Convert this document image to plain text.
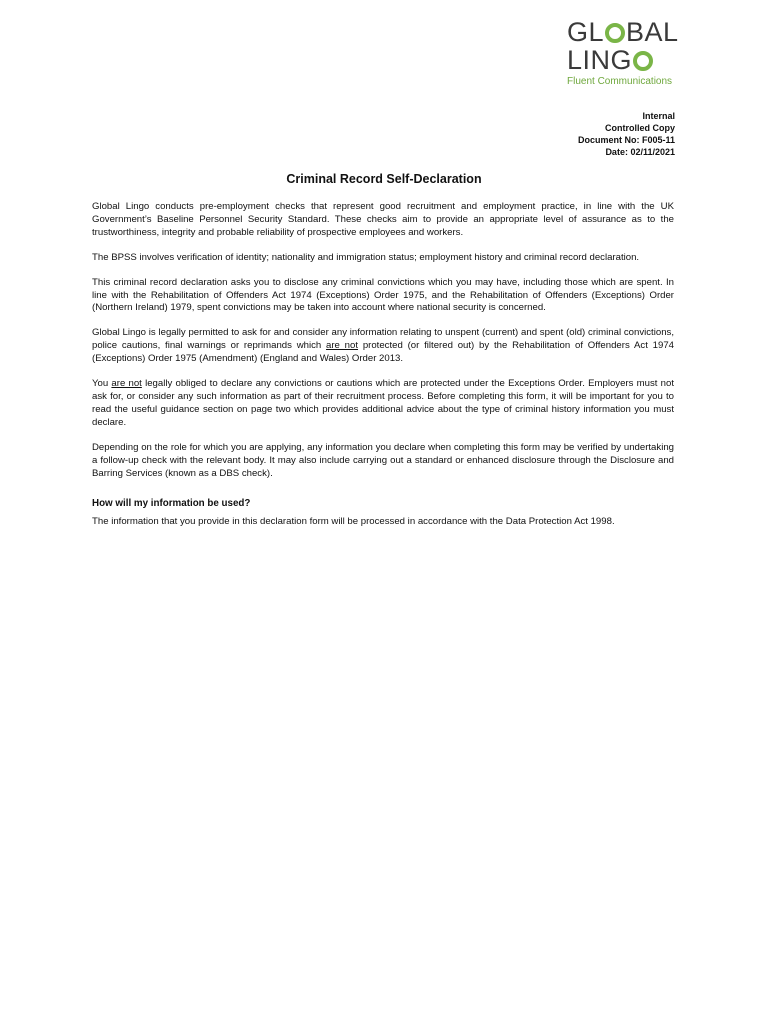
GL BAL
LING
Fluent Communications
Internal
Controlled Copy
Document No: F005-11
Date: 02/11/2021
Criminal Record Self-Declaration

Global Lingo conducts pre-employment checks that represent good recruitment and employment practice, in line with the UK Government’s Baseline Personnel Security Standard. These checks aim to provide an appropriate level of assurance as to the trustworthiness, integrity and probable reliability of prospective employees and workers.

The BPSS involves verification of identity; nationality and immigration status; employment history and criminal record declaration.

This criminal record declaration asks you to disclose any criminal convictions which you may have, including those which are spent. In line with the Rehabilitation of Offenders Act 1974 (Exceptions) Order 1975, and the Rehabilitation of Offenders (Exceptions) Order (Northern Ireland) 1979, spent convictions may be taken into account where national security is concerned.

Global Lingo is legally permitted to ask for and consider any information relating to unspent (current) and spent (old) criminal convictions, police cautions, final warnings or reprimands which are not protected (or filtered out) by the Rehabilitation of Offenders Act 1974 (Exceptions) Order 1975 (Amendment) (England and Wales) Order 2013.

You are not legally obliged to declare any convictions or cautions which are protected under the Exceptions Order. Employers must not ask for, or consider any such information as part of their recruitment process. Before completing this form, it will be important for you to read the useful guidance section on page two which provides additional advice about the type of criminal history information you must declare.

Depending on the role for which you are applying, any information you declare when completing this form may be verified by undertaking a follow-up check with the relevant body. It may also include carrying out a standard or enhanced disclosure through the Disclosure and Barring Services (known as a DBS check).

How will my information be used?

The information that you provide in this declaration form will be processed in accordance with the Data Protection Act 1998.
